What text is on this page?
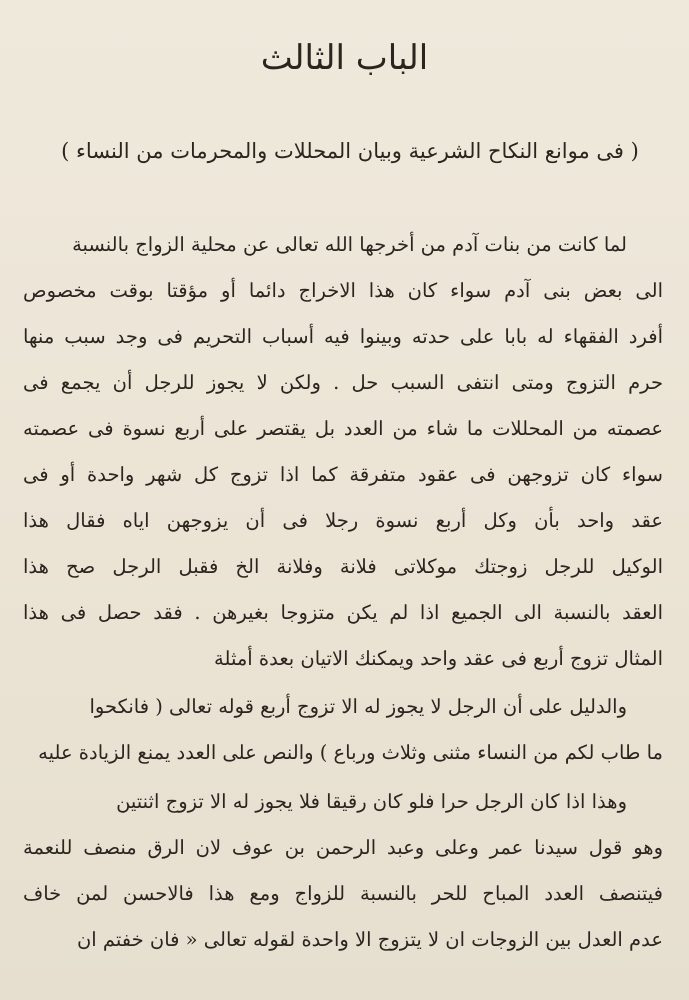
الباب الثالث
( فى موانع النكاح الشرعية وبيان المحللات والمحرمات من النساء )
لما كانت من بنات آدم من أخرجها الله تعالى عن محلية الزواج بالنسبة
الى بعض بنى آدم سواء كان هذا الاخراج دائما أو مؤقتا بوقت مخصوص
أفرد الفقهاء له بابا على حدته وبينوا فيه أسباب التحريم فى وجد سبب منها
حرم التزوج ومتى انتفى السبب حل . ولكن لا يجوز للرجل أن يجمع فى
عصمته من المحللات ما شاء من العدد بل يقتصر على أربع نسوة فى عصمته
سواء كان تزوجهن فى عقود متفرقة كما اذا تزوج كل شهر واحدة أو فى
عقد واحد بأن وكل أربع نسوة رجلا فى أن يزوجهن اياه فقال هذا
الوكيل للرجل زوجتك موكلاتى فلانة وفلانة الخ فقبل الرجل صح هذا
العقد بالنسبة الى الجميع اذا لم يكن متزوجا بغيرهن . فقد حصل فى هذا
المثال تزوج أربع فى عقد واحد ويمكنك الاتيان بعدة أمثلة
والدليل على أن الرجل لا يجوز له الا تزوج أربع قوله تعالى ( فانكحوا
ما طاب لكم من النساء مثنى وثلاث ورباع ) والنص على العدد يمنع الزيادة عليه
وهذا اذا كان الرجل حرا فلو كان رقيقا فلا يجوز له الا تزوج اثنتين
وهو قول سيدنا عمر وعلى وعبد الرحمن بن عوف لان الرق منصف للنعمة
فيتنصف العدد المباح للحر بالنسبة للزواج ومع هذا فالاحسن لمن خاف
عدم العدل بين الزوجات ان لا يتزوج الا واحدة لقوله تعالى « فان خفتم ان
